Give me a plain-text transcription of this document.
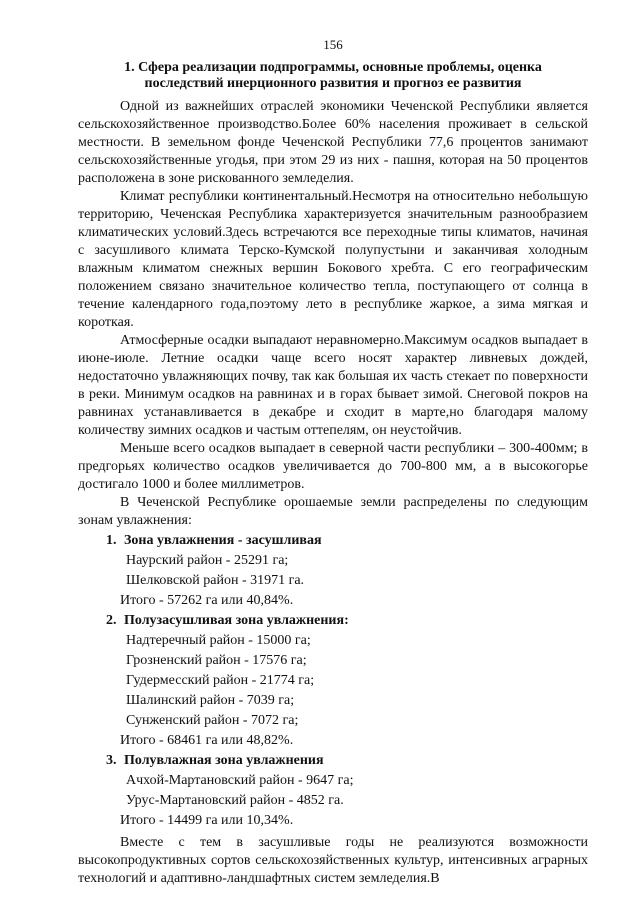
156
1. Сфера реализации подпрограммы, основные проблемы, оценка
последствий инерционного развития и прогноз ее развития

Одной из важнейших отраслей экономики Чеченской Республики является сельскохозяйственное производство.Более 60% населения проживает в сельской местности. В земельном фонде Чеченской Республики 77,6 процентов занимают сельскохозяйственные угодья, при этом 29 из них - пашня, которая на 50 процентов расположена в зоне рискованного земледелия.

Климат республики континентальный.Несмотря на относительно небольшую территорию, Чеченская Республика характеризуется значительным разнообразием климатических условий.Здесь встречаются все переходные типы климатов, начиная с засушливого климата Терско-Кумской полупустыни и заканчивая холодным влажным климатом снежных вершин Бокового хребта. С его географическим положением связано значительное количество тепла, поступающего от солнца в течение календарного года,поэтому лето в республике жаркое, а зима мягкая и короткая.

Атмосферные осадки выпадают неравномерно.Максимум осадков выпадает в июне-июле. Летние осадки чаще всего носят характер ливневых дождей, недостаточно увлажняющих почву, так как большая их часть стекает по поверхности в реки. Минимум осадков на равнинах и в горах бывает зимой. Снеговой покров на равнинах устанавливается в декабре и сходит в марте,но благодаря малому количеству зимних осадков и частым оттепелям, он неустойчив.

Меньше всего осадков выпадает в северной части республики – 300-400мм; в предгорьях количество осадков увеличивается до 700-800 мм, а в высокогорье достигало 1000 и более миллиметров.

В Чеченской Республике орошаемые земли распределены по следующим зонам увлажнения:

1. Зона увлажнения - засушливая
Наурский район - 25291 га;
Шелковской район - 31971 га.
Итого - 57262 га или 40,84%.
2. Полузасушливая зона увлажнения:
Надтеречный район - 15000 га;
Грозненский район - 17576 га;
Гудермесский район - 21774 га;
Шалинский район - 7039 га;
Сунженский район - 7072 га;
Итого - 68461 га или 48,82%.
3. Полувлажная зона увлажнения
Ачхой-Мартановский район - 9647 га;
Урус-Мартановский район - 4852 га.
Итого - 14499 га или 10,34%.

Вместе с тем в засушливые годы не реализуются возможности высокопродуктивных сортов сельскохозяйственных культур, интенсивных аграрных технологий и адаптивно-ландшафтных систем земледелия.В
